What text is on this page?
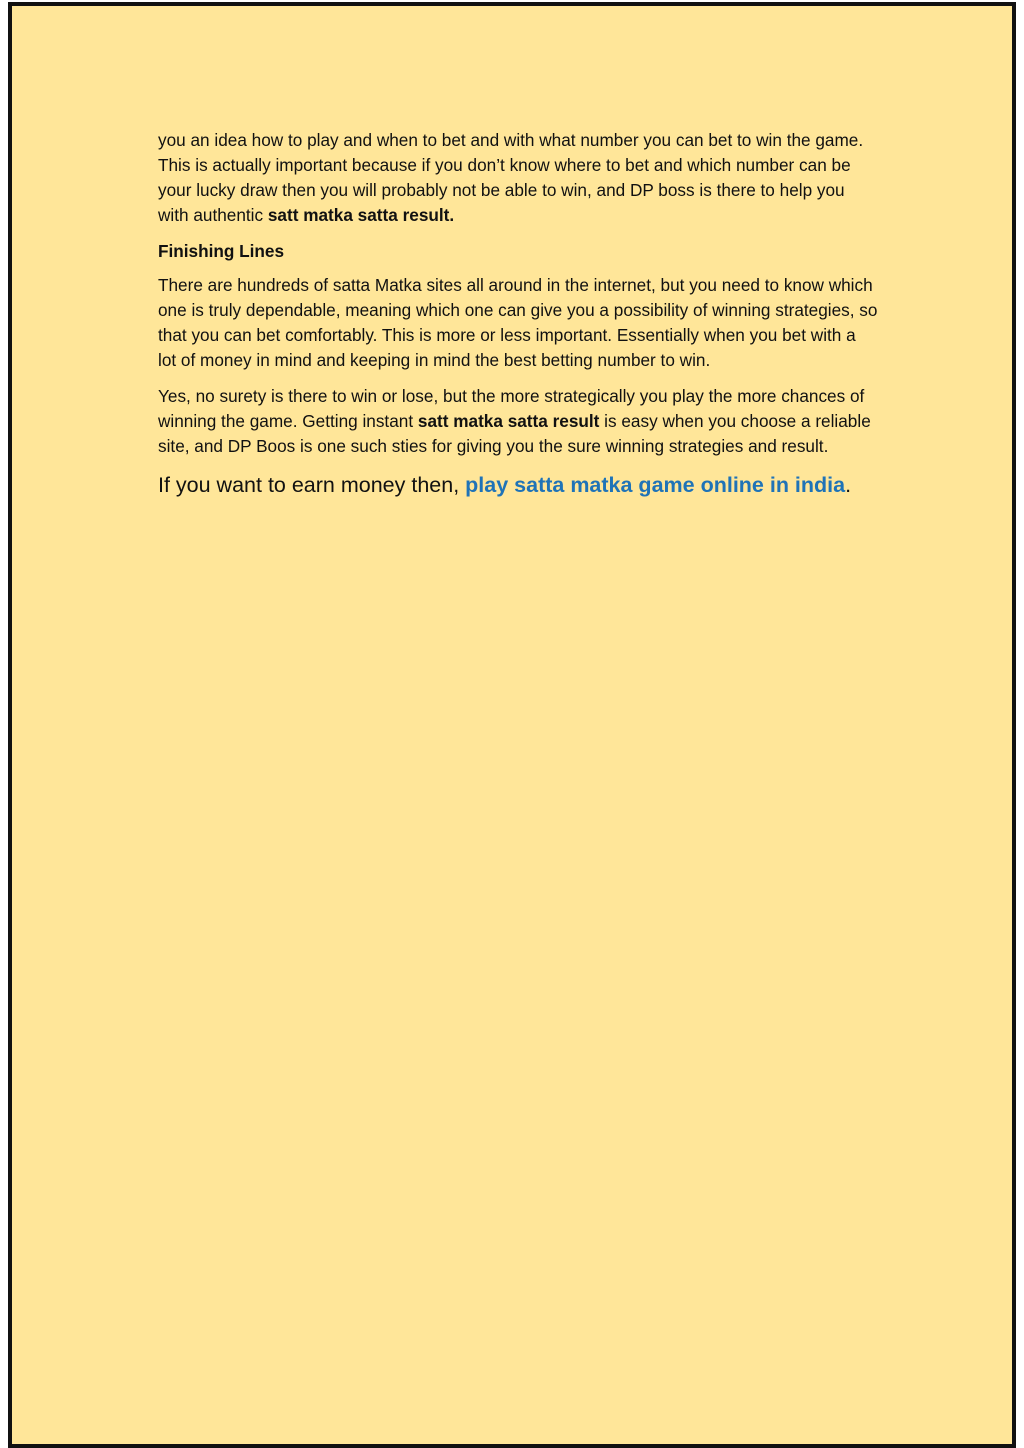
you an idea how to play and when to bet and with what number you can bet to win the game. This is actually important because if you don’t know where to bet and which number can be your lucky draw then you will probably not be able to win, and DP boss is there to help you with authentic satt matka satta result.

Finishing Lines

There are hundreds of satta Matka sites all around in the internet, but you need to know which one is truly dependable, meaning which one can give you a possibility of winning strategies, so that you can bet comfortably. This is more or less important. Essentially when you bet with a lot of money in mind and keeping in mind the best betting number to win.

Yes, no surety is there to win or lose, but the more strategically you play the more chances of winning the game. Getting instant satt matka satta result is easy when you choose a reliable site, and DP Boos is one such sties for giving you the sure winning strategies and result.

If you want to earn money then, play satta matka game online in india.
